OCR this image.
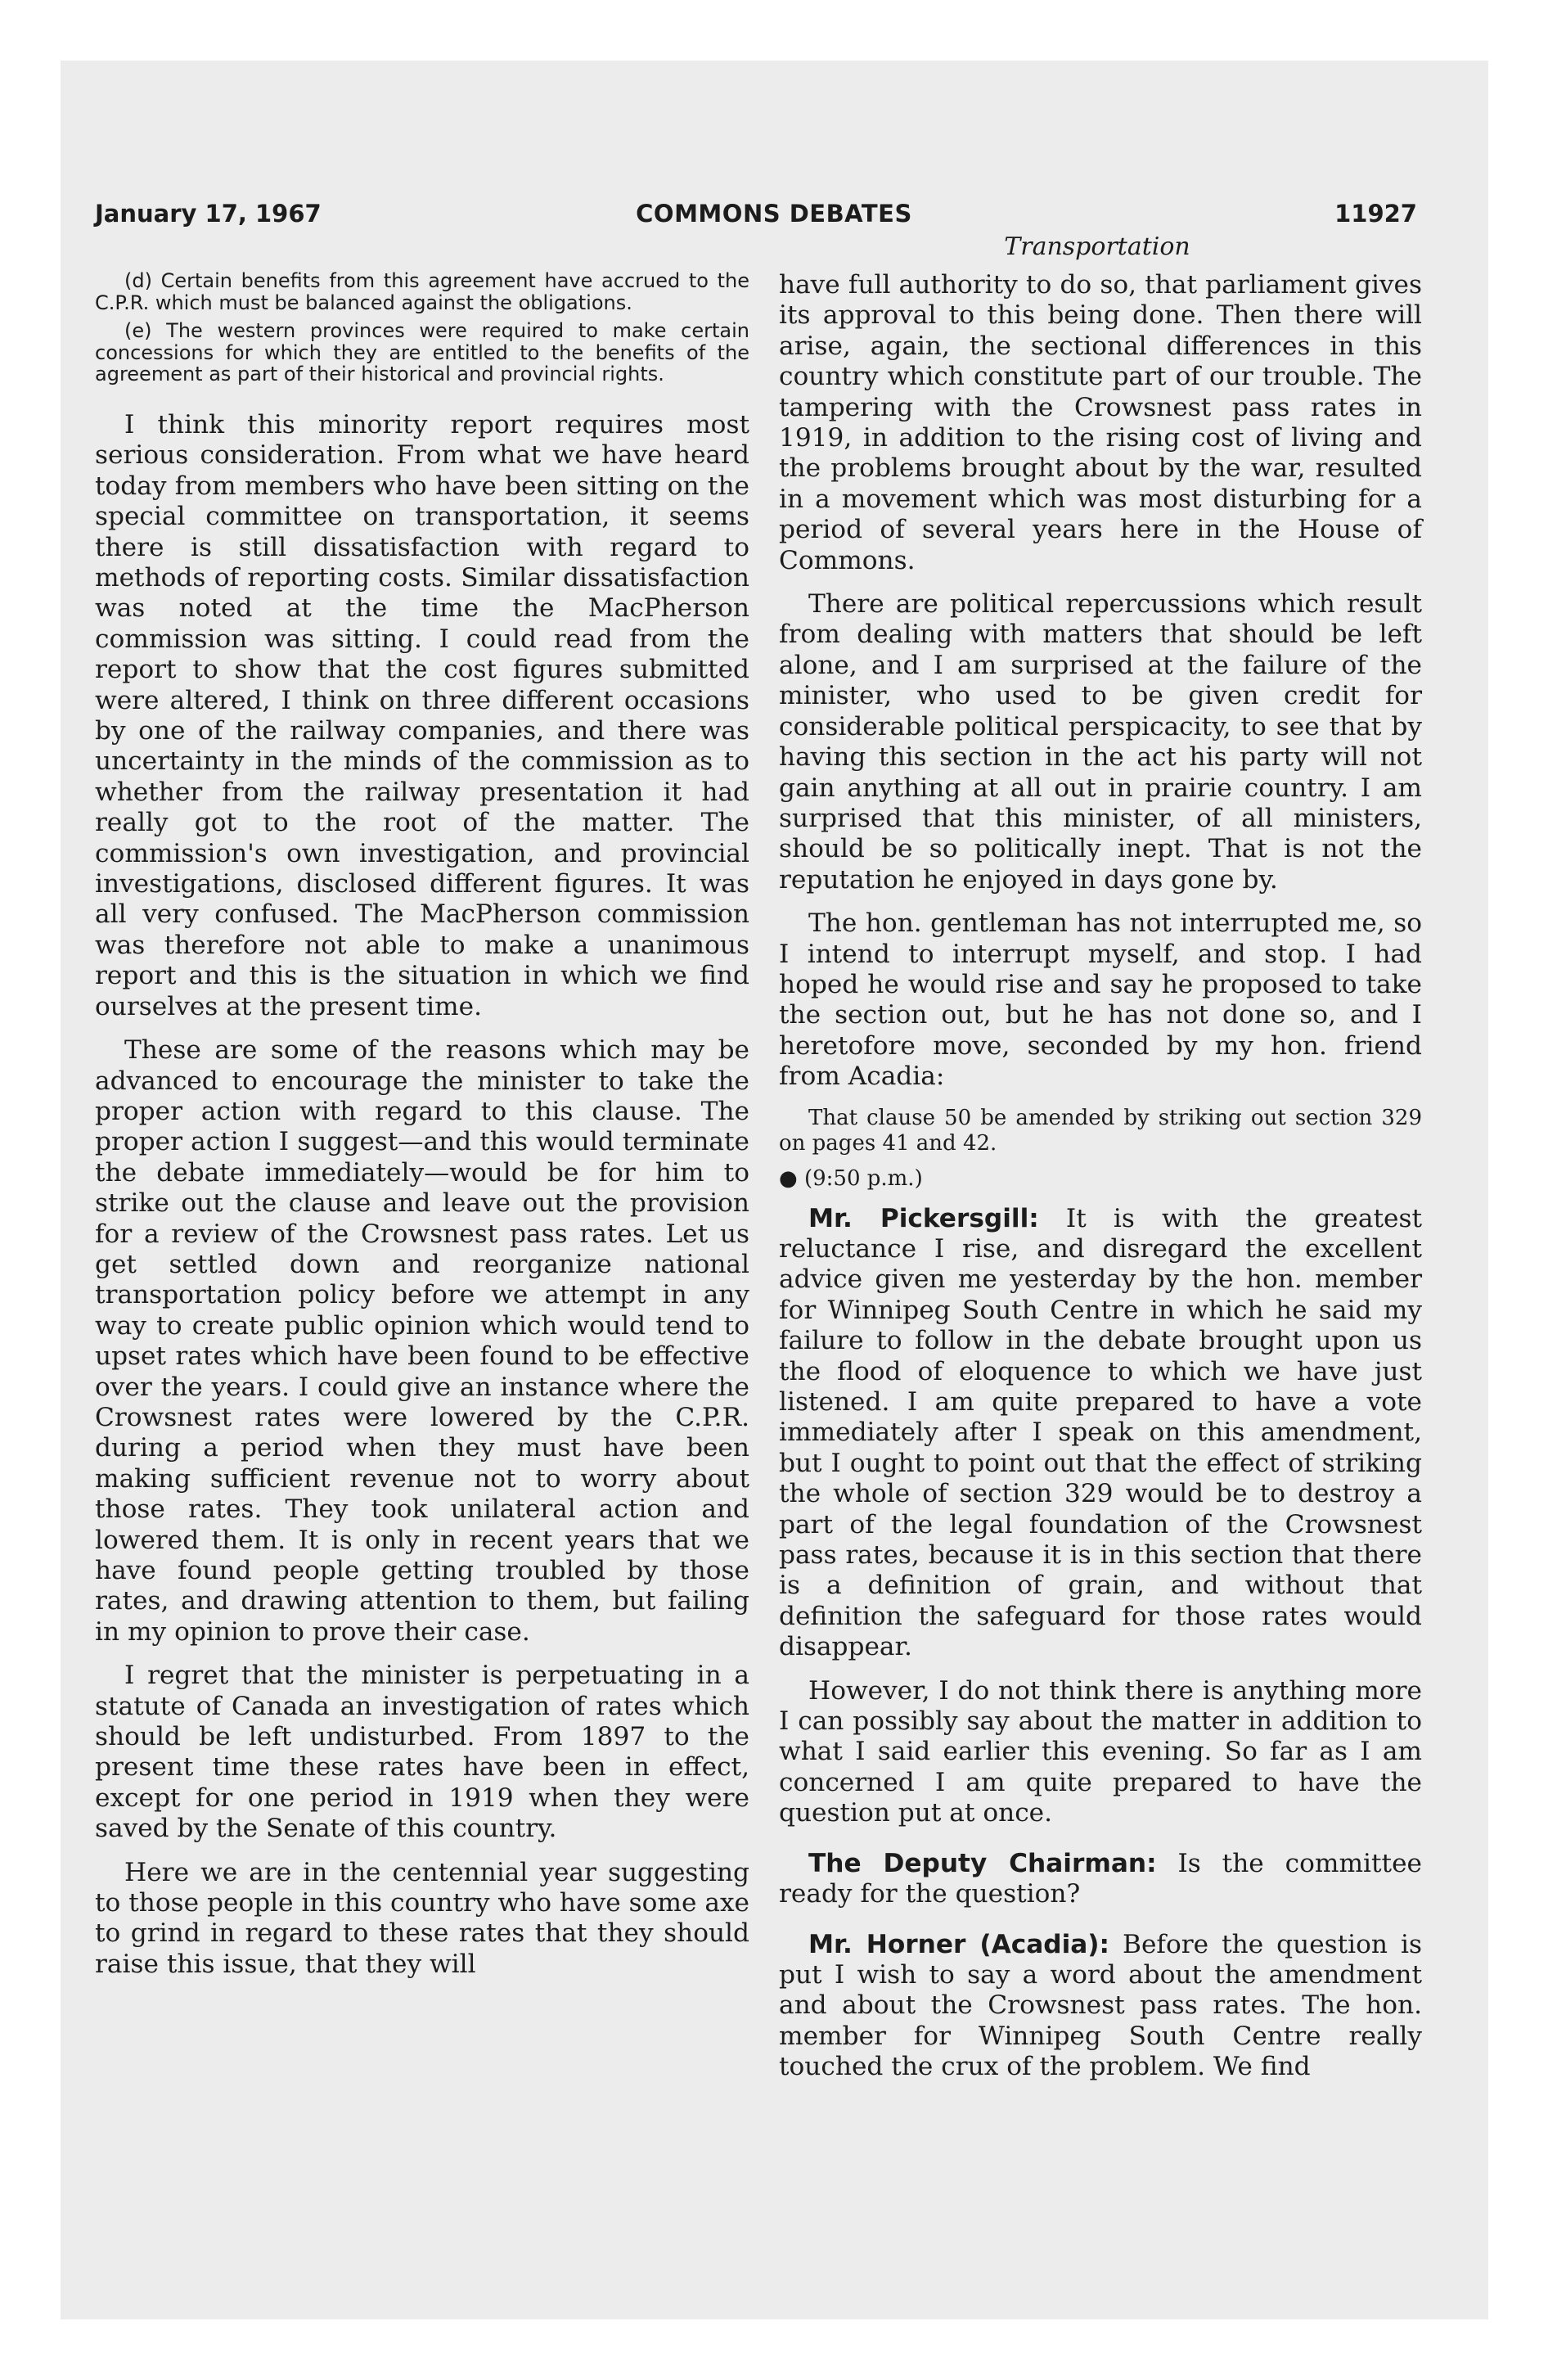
January 17, 1967	COMMONS DEBATES	11927
Transportation

(d) Certain benefits from this agreement have accrued to the C.P.R. which must be balanced against the obligations.

(e) The western provinces were required to make certain concessions for which they are entitled to the benefits of the agreement as part of their historical and provincial rights.

I think this minority report requires most serious consideration. From what we have heard today from members who have been sitting on the special committee on transportation, it seems there is still dissatisfaction with regard to methods of reporting costs. Similar dissatisfaction was noted at the time the MacPherson commission was sitting. I could read from the report to show that the cost figures submitted were altered, I think on three different occasions by one of the railway companies, and there was uncertainty in the minds of the commission as to whether from the railway presentation it had really got to the root of the matter. The commission's own investigation, and provincial investigations, disclosed different figures. It was all very confused. The MacPherson commission was therefore not able to make a unanimous report and this is the situation in which we find ourselves at the present time.

These are some of the reasons which may be advanced to encourage the minister to take the proper action with regard to this clause. The proper action I suggest—and this would terminate the debate immediately—would be for him to strike out the clause and leave out the provision for a review of the Crowsnest pass rates. Let us get settled down and reorganize national transportation policy before we attempt in any way to create public opinion which would tend to upset rates which have been found to be effective over the years. I could give an instance where the Crowsnest rates were lowered by the C.P.R. during a period when they must have been making sufficient revenue not to worry about those rates. They took unilateral action and lowered them. It is only in recent years that we have found people getting troubled by those rates, and drawing attention to them, but failing in my opinion to prove their case.

I regret that the minister is perpetuating in a statute of Canada an investigation of rates which should be left undisturbed. From 1897 to the present time these rates have been in effect, except for one period in 1919 when they were saved by the Senate of this country.

Here we are in the centennial year suggesting to those people in this country who have some axe to grind in regard to these rates that they should raise this issue, that they will

have full authority to do so, that parliament gives its approval to this being done. Then there will arise, again, the sectional differences in this country which constitute part of our trouble. The tampering with the Crowsnest pass rates in 1919, in addition to the rising cost of living and the problems brought about by the war, resulted in a movement which was most disturbing for a period of several years here in the House of Commons.

There are political repercussions which result from dealing with matters that should be left alone, and I am surprised at the failure of the minister, who used to be given credit for considerable political perspicacity, to see that by having this section in the act his party will not gain anything at all out in prairie country. I am surprised that this minister, of all ministers, should be so politically inept. That is not the reputation he enjoyed in days gone by.

The hon. gentleman has not interrupted me, so I intend to interrupt myself, and stop. I had hoped he would rise and say he proposed to take the section out, but he has not done so, and I heretofore move, seconded by my hon. friend from Acadia:

That clause 50 be amended by striking out section 329 on pages 41 and 42.

● (9:50 p.m.)

Mr. Pickersgill: It is with the greatest reluctance I rise, and disregard the excellent advice given me yesterday by the hon. member for Winnipeg South Centre in which he said my failure to follow in the debate brought upon us the flood of eloquence to which we have just listened. I am quite prepared to have a vote immediately after I speak on this amendment, but I ought to point out that the effect of striking the whole of section 329 would be to destroy a part of the legal foundation of the Crowsnest pass rates, because it is in this section that there is a definition of grain, and without that definition the safeguard for those rates would disappear.

However, I do not think there is anything more I can possibly say about the matter in addition to what I said earlier this evening. So far as I am concerned I am quite prepared to have the question put at once.

The Deputy Chairman: Is the committee ready for the question?

Mr. Horner (Acadia): Before the question is put I wish to say a word about the amendment and about the Crowsnest pass rates. The hon. member for Winnipeg South Centre really touched the crux of the problem. We find
